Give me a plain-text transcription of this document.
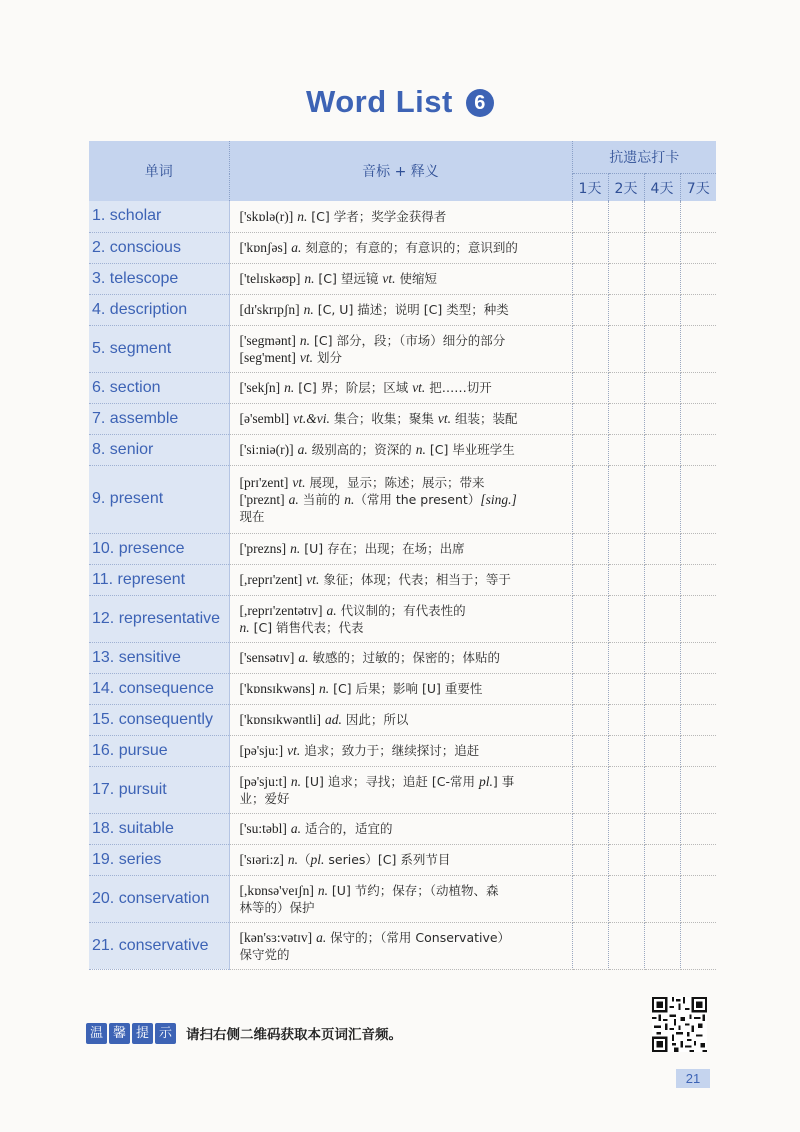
Word List 6
单词	音标 + 释义	抗遗忘打卡			
		1天	2天	4天	7天
1. scholar	['skɒlə(r)] n. [C] 学者；奖学金获得者				

2. conscious	['kɒnʃəs] a. 刻意的；有意的；有意识的；意识到的				

3. telescope	['telɪskəʊp] n. [C] 望远镜 vt. 使缩短				

4. description	[dɪ'skrɪpʃn] n. [C, U] 描述；说明 [C] 类型；种类				

5. segment	['segmənt] n. [C] 部分，段；（市场）细分的部分
[seg'ment] vt. 划分				

6. section	['sekʃn] n. [C] 界；阶层；区域 vt. 把……切开				

7. assemble	[ə'sembl] vt.&vi. 集合；收集；聚集 vt. 组装；装配				

8. senior	['si:niə(r)] a. 级别高的；资深的 n. [C] 毕业班学生				

9. present	[prɪ'zent] vt. 展现，显示；陈述；展示；带来
['preznt] a. 当前的 n.（常用 the present）[sing.]
现在				

10. presence	['prezns] n. [U] 存在；出现；在场；出席				

11. represent	[,reprɪ'zent] vt. 象征；体现；代表；相当于；等于				

12. representative	[,reprɪ'zentətɪv] a. 代议制的；有代表性的
n. [C] 销售代表；代表				

13. sensitive	['sensətɪv] a. 敏感的；过敏的；保密的；体贴的				

14. consequence	['kɒnsɪkwəns] n. [C] 后果；影响 [U] 重要性				

15. consequently	['kɒnsɪkwəntli] ad. 因此；所以				

16. pursue	[pə'sju:] vt. 追求；致力于；继续探讨；追赶				

17. pursuit	[pə'sju:t] n. [U] 追求；寻找；追赶 [C-常用 pl.] 事
业；爱好				

18. suitable	['su:təbl] a. 适合的，适宜的				

19. series	['sɪəri:z] n.（pl. series）[C] 系列节目				

20. conservation	[,kɒnsə'veɪʃn] n. [U] 节约；保存；（动植物、森
林等的）保护				

21. conservative	[kən'sɜ:vətɪv] a. 保守的；（常用 Conservative）
保守党的				

温 馨 提 示 请扫右侧二维码获取本页词汇音频。
21
